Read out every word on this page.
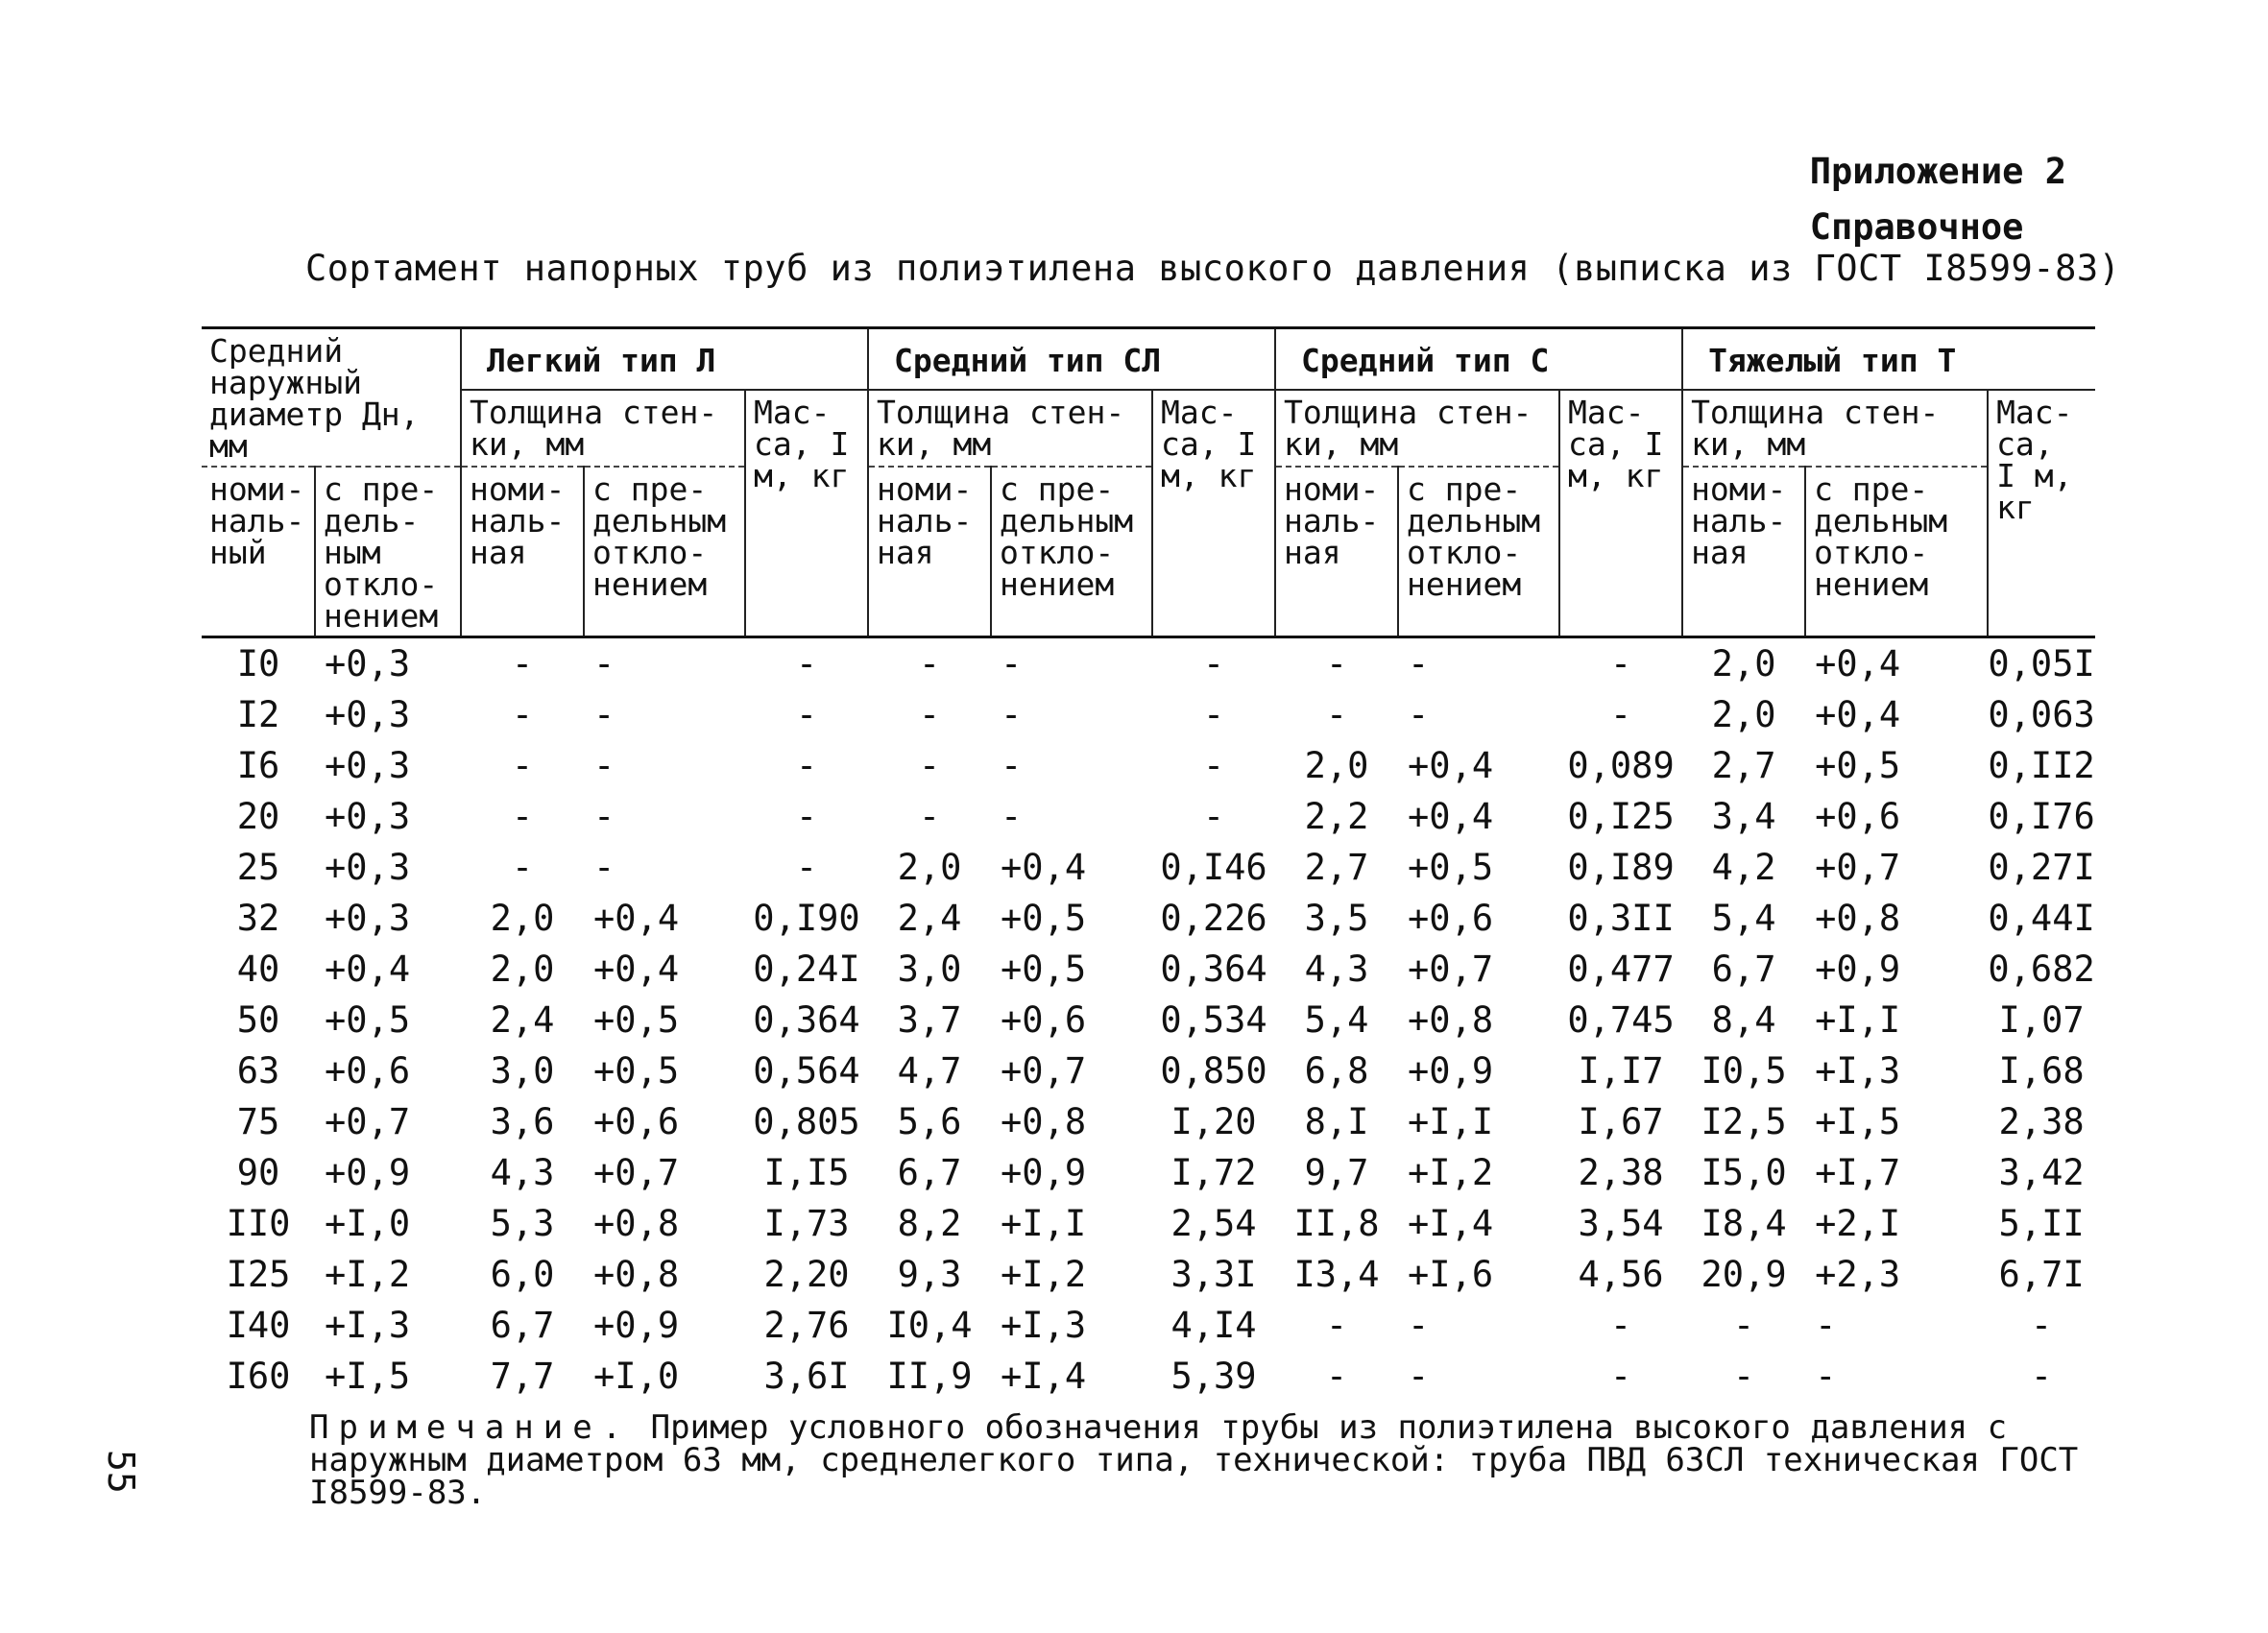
Приложение 2
Справочное
Сортамент напорных труб из полиэтилена высокого давления (выписка из ГОСТ I8599-83)
55
Средний наружный диаметр Дн, мм		Легкий тип Л			Средний тип СЛ			Средний тип С			Тяжелый тип Т		
		Толщина стен- ки, мм		Мас- са, I м, кг	Толщина стен- ки, мм		Мас- са, I м, кг	Толщина стен- ки, мм		Мас- са, I м, кг	Толщина стен- ки, мм		Мас- са, I м, кг
номи- наль- ный	с пре- дель- ным откло- нением	номи- наль- ная	с пре- дельным откло- нением		номи- наль- ная	с пре- дельным откло- нением		номи- наль- ная	с пре- дельным откло- нением		номи- наль- ная	с пре- дельным откло- нением	

I0	+0,3	-	-	-	-	-	-	-	-	-	2,0	+0,4	0,05I
I2	+0,3	-	-	-	-	-	-	-	-	-	2,0	+0,4	0,063
I6	+0,3	-	-	-	-	-	-	2,0	+0,4	0,089	2,7	+0,5	0,II2
20	+0,3	-	-	-	-	-	-	2,2	+0,4	0,I25	3,4	+0,6	0,I76
25	+0,3	-	-	-	2,0	+0,4	0,I46	2,7	+0,5	0,I89	4,2	+0,7	0,27I
32	+0,3	2,0	+0,4	0,I90	2,4	+0,5	0,226	3,5	+0,6	0,3II	5,4	+0,8	0,44I
40	+0,4	2,0	+0,4	0,24I	3,0	+0,5	0,364	4,3	+0,7	0,477	6,7	+0,9	0,682
50	+0,5	2,4	+0,5	0,364	3,7	+0,6	0,534	5,4	+0,8	0,745	8,4	+I,I	I,07
63	+0,6	3,0	+0,5	0,564	4,7	+0,7	0,850	6,8	+0,9	I,I7	I0,5	+I,3	I,68
75	+0,7	3,6	+0,6	0,805	5,6	+0,8	I,20	8,I	+I,I	I,67	I2,5	+I,5	2,38
90	+0,9	4,3	+0,7	I,I5	6,7	+0,9	I,72	9,7	+I,2	2,38	I5,0	+I,7	3,42
II0	+I,0	5,3	+0,8	I,73	8,2	+I,I	2,54	II,8	+I,4	3,54	I8,4	+2,I	5,II
I25	+I,2	6,0	+0,8	2,20	9,3	+I,2	3,3I	I3,4	+I,6	4,56	20,9	+2,3	6,7I
I40	+I,3	6,7	+0,9	2,76	I0,4	+I,3	4,I4	-	-	-	-	-	-
I60	+I,5	7,7	+I,0	3,6I	II,9	+I,4	5,39	-	-	-	-	-	-
Примечание. Пример условного обозначения трубы из полиэтилена высокого давления с наружным диаметром 63 мм, среднелегкого типа, технической: труба ПВД 63СЛ техническая ГОСТ I8599-83.
